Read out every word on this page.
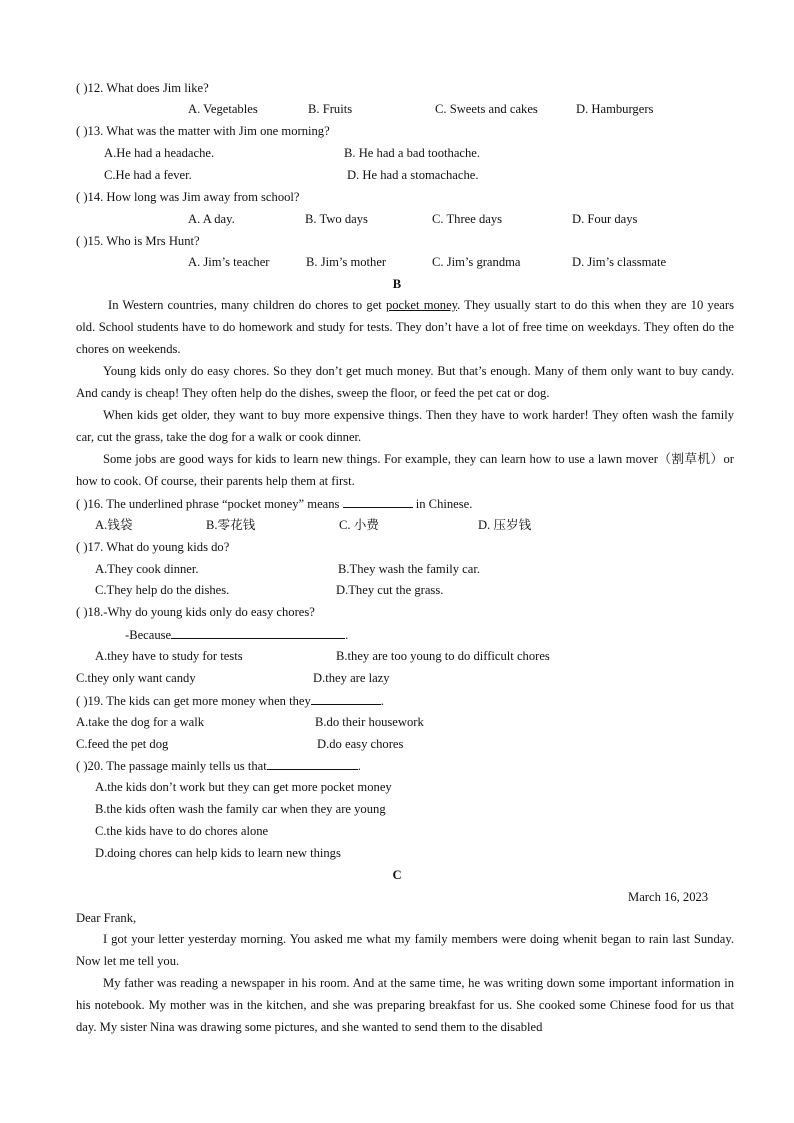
( )12. What does Jim like?
A. Vegetables	B. Fruits	C. Sweets and cakes	D. Hamburgers
( )13. What was the matter with Jim one morning?
A.He had a headache.	B. He had a bad toothache.
C.He had a fever.	D. He had a stomachache.
( )14. How long was Jim away from school?
A. A day.	B. Two days	C. Three days	D. Four days
( )15. Who is Mrs Hunt?
A. Jim’s teacher	B. Jim’s mother	C. Jim’s grandma	D. Jim’s classmate
B
In Western countries, many children do chores to get pocket money. They usually start to do this when they are 10 years old. School students have to do homework and study for tests. They don’t have a lot of free time on weekdays. They often do the chores on weekends.
Young kids only do easy chores. So they don’t get much money. But that’s enough. Many of them only want to buy candy. And candy is cheap! They often help do the dishes, sweep the floor, or feed the pet cat or dog.
When kids get older, they want to buy more expensive things. Then they have to work harder! They often wash the family car, cut the grass, take the dog for a walk or cook dinner.
Some jobs are good ways for kids to learn new things. For example, they can learn how to use a lawn mover（割草机）or how to cook. Of course, their parents help them at first.
( )16. The underlined phrase “pocket money” means	in Chinese.
A.钱袋	B.零花钱	C. 小费	D. 压岁钱
( )17. What do young kids do?
A.They cook dinner.	B.They wash the family car.
C.They help do the dishes.	D.They cut the grass.
( )18.-Why do young kids only do easy chores?
-Because	.
A.they have to study for tests	B.they are too young to do difficult chores
C.they only want candy	D.they are lazy
( )19. The kids can get more money when they	.
A.take the dog for a walk	B.do their housework
C.feed the pet dog	D.do easy chores
( )20. The passage mainly tells us that	.
A.the kids don’t work but they can get more pocket money
B.the kids often wash the family car when they are young
C.the kids have to do chores alone
D.doing chores can help kids to learn new things
C
March 16, 2023
Dear Frank,
I got your letter yesterday morning. You asked me what my family members were doing whenit began to rain last Sunday. Now let me tell you.
My father was reading a newspaper in his room. And at the same time, he was writing down some important information in his notebook. My mother was in the kitchen, and she was preparing breakfast for us. She cooked some Chinese food for us that day. My sister Nina was drawing some pictures, and she wanted to send them to the disabled
